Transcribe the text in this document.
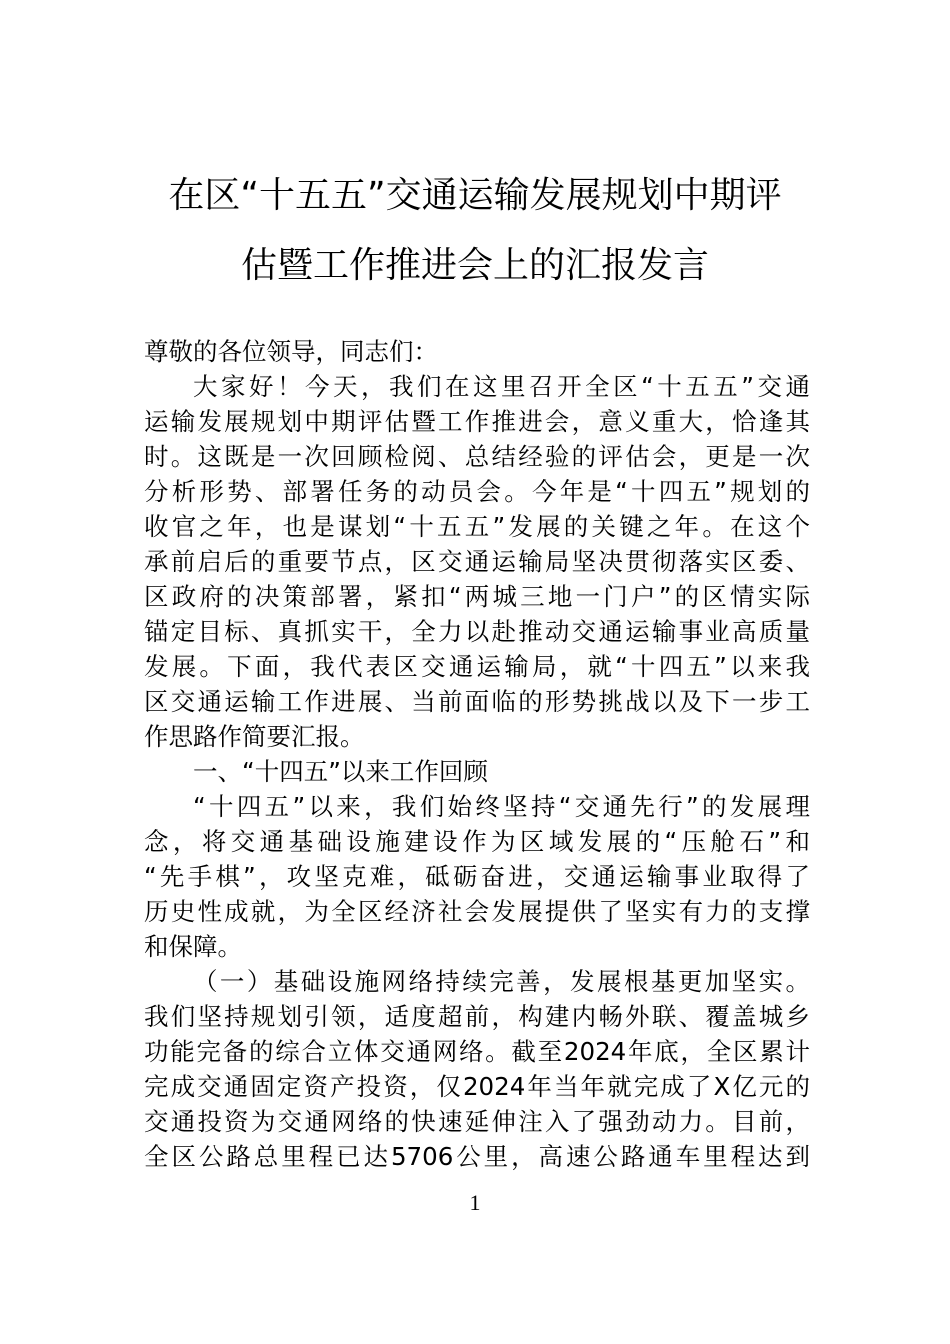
在区“十五五”交通运输发展规划中期评
估暨工作推进会上的汇报发言
尊敬的各位领导，同志们：
大家好！今天，我们在这里召开全区“十五五”交通
运输发展规划中期评估暨工作推进会，意义重大，恰逢其
时。这既是一次回顾检阅、总结经验的评估会，更是一次
分析形势、部署任务的动员会。今年是“十四五”规划的
收官之年，也是谋划“十五五”发展的关键之年。在这个
承前启后的重要节点，区交通运输局坚决贯彻落实区委、
区政府的决策部署，紧扣“两城三地一门户”的区情实际
锚定目标、真抓实干，全力以赴推动交通运输事业高质量
发展。下面，我代表区交通运输局，就“十四五”以来我
区交通运输工作进展、当前面临的形势挑战以及下一步工
作思路作简要汇报。
一、“十四五”以来工作回顾
“十四五”以来，我们始终坚持“交通先行”的发展理
念，将交通基础设施建设作为区域发展的“压舱石”和
“先手棋”，攻坚克难，砥砺奋进，交通运输事业取得了
历史性成就，为全区经济社会发展提供了坚实有力的支撑
和保障。
（一）基础设施网络持续完善，发展根基更加坚实。
我们坚持规划引领，适度超前，构建内畅外联、覆盖城乡
功能完备的综合立体交通网络。截至2024年底，全区累计
完成交通固定资产投资，仅2024年当年就完成了X亿元的
交通投资为交通网络的快速延伸注入了强劲动力。目前，
全区公路总里程已达5706公里，高速公路通车里程达到
1
